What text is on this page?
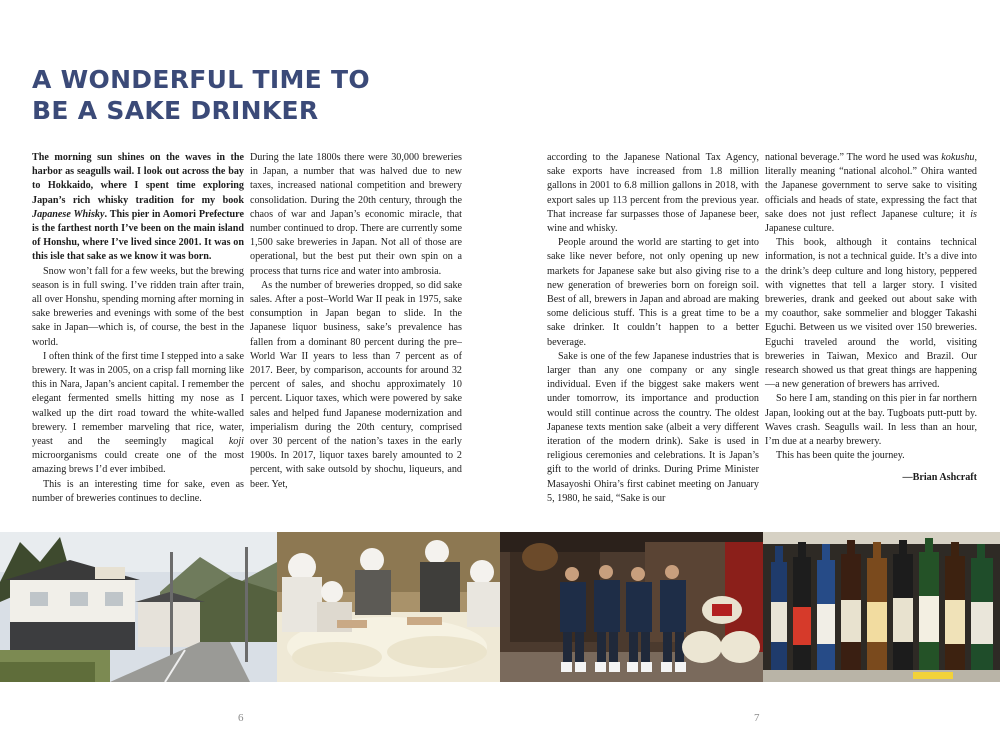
A WONDERFUL TIME TO
BE A SAKE DRINKER

The morning sun shines on the waves in the harbor as seagulls wail. I look out across the bay to Hokkaido, where I spent time exploring Japan’s rich whisky tradition for my book Japanese Whisky. This pier in Aomori Prefecture is the farthest north I’ve been on the main island of Honshu, where I’ve lived since 2001. It was on this isle that sake as we know it was born.

Snow won’t fall for a few weeks, but the brewing season is in full swing. I’ve ridden train after train, all over Honshu, spending morning after morning in sake breweries and evenings with some of the best sake in Japan—which is, of course, the best in the world.

I often think of the first time I stepped into a sake brewery. It was in 2005, on a crisp fall morning like this in Nara, Japan’s ancient capital. I remember the elegant fermented smells hitting my nose as I walked up the dirt road toward the white-walled brewery. I remember marveling that rice, water, yeast and the seemingly magical koji microorganisms could create one of the most amazing brews I’d ever imbibed.

This is an interesting time for sake, even as number of breweries continues to decline.

During the late 1800s there were 30,000 breweries in Japan, a number that was halved due to new taxes, increased national competition and brewery consolidation. During the 20th century, through the chaos of war and Japan’s economic miracle, that number continued to drop. There are currently some 1,500 sake breweries in Japan. Not all of those are operational, but the best put their own spin on a process that turns rice and water into ambrosia.

As the number of breweries dropped, so did sake sales. After a post–World War II peak in 1975, sake consumption in Japan began to slide. In the Japanese liquor business, sake’s prevalence has fallen from a dominant 80 percent during the pre–World War II years to less than 7 percent as of 2017. Beer, by comparison, accounts for around 32 percent of sales, and shochu approximately 10 percent. Liquor taxes, which were powered by sake sales and helped fund Japanese modernization and imperialism during the 20th century, comprised over 30 percent of the nation’s taxes in the early 1900s. In 2017, liquor taxes barely amounted to 2 percent, with sake outsold by shochu, liqueurs, and beer. Yet,

according to the Japanese National Tax Agency, sake exports have increased from 1.8 million gallons in 2001 to 6.8 million gallons in 2018, with export sales up 113 percent from the previous year. That increase far surpasses those of Japanese beer, wine and whisky.

People around the world are starting to get into sake like never before, not only opening up new markets for Japanese sake but also giving rise to a new generation of breweries born on foreign soil. Best of all, brewers in Japan and abroad are making some delicious stuff. This is a great time to be a sake drinker. It couldn’t happen to a better beverage.

Sake is one of the few Japanese industries that is larger than any one company or any single individual. Even if the biggest sake makers went under tomorrow, its importance and production would still continue across the country. The oldest Japanese texts mention sake (albeit a very different iteration of the modern drink). Sake is used in religious ceremonies and celebrations. It is Japan’s gift to the world of drinks. During Prime Minister Masayoshi Ohira’s first cabinet meeting on January 5, 1980, he said, “Sake is our

national beverage.” The word he used was kokushu, literally meaning “national alcohol.” Ohira wanted the Japanese government to serve sake to visiting officials and heads of state, expressing the fact that sake does not just reflect Japanese culture; it is Japanese culture.

This book, although it contains technical information, is not a technical guide. It’s a dive into the drink’s deep culture and long history, peppered with vignettes that tell a larger story. I visited breweries, drank and geeked out about sake with my coauthor, sake sommelier and blogger Takashi Eguchi. Between us we visited over 150 breweries. Eguchi traveled around the world, visiting breweries in Taiwan, Mexico and Brazil. Our research showed us that great things are happening—a new generation of brewers has arrived.

So here I am, standing on this pier in far northern Japan, looking out at the bay. Tugboats putt-putt by. Waves crash. Seagulls wail. In less than an hour, I’m due at a nearby brewery.

This has been quite the journey.

—Brian Ashcraft

6	7
